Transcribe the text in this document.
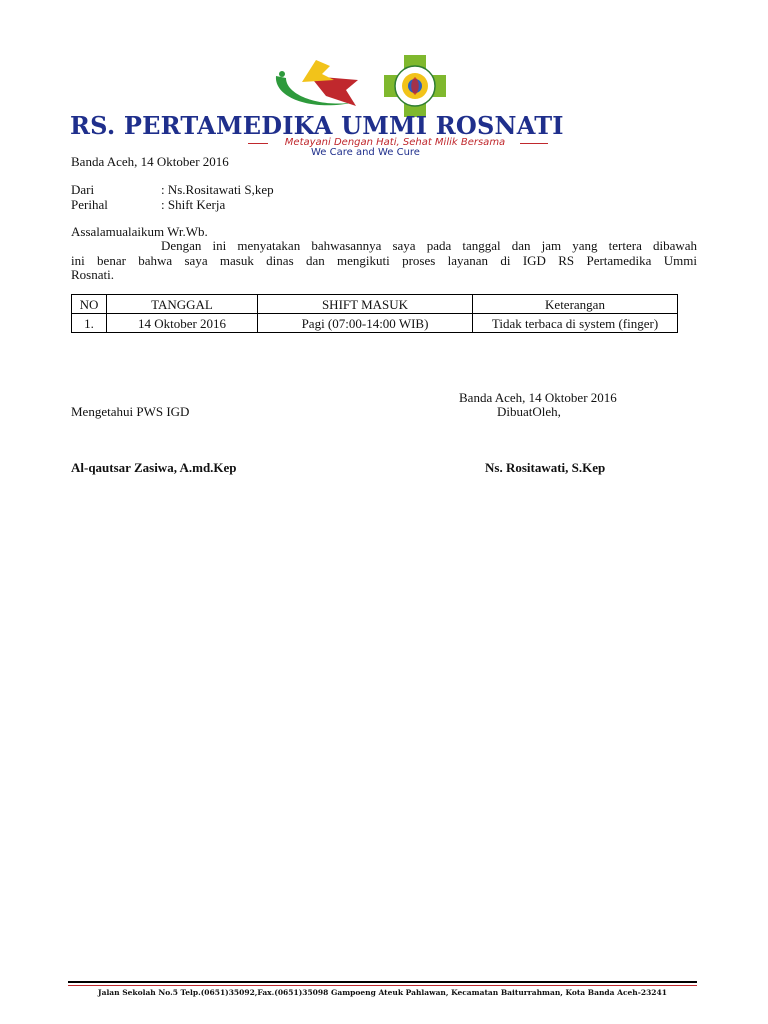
RS. PERTAMEDIKA UMMI ROSNATI
Metayani Dengan Hati, Sehat Milik Bersama
We Care and We Cure
Banda Aceh, 14 Oktober 2016
Dari	: Ns.Rositawati S,kep
Perihal	: Shift Kerja
Assalamualaikum Wr.Wb.
Dengan ini menyatakan bahwasannya saya pada tanggal dan jam yang tertera dibawah
ini benar bahwa saya masuk dinas dan mengikuti proses layanan di IGD RS Pertamedika Ummi
Rosnati.
NO	TANGGAL	SHIFT MASUK	Keterangan
1.	14 Oktober 2016	Pagi (07:00-14:00 WIB)	Tidak terbaca di system (finger)
Banda Aceh, 14 Oktober 2016
Mengetahui PWS IGD	DibuatOleh,
Al-qautsar Zasiwa, A.md.Kep	Ns. Rositawati, S.Kep
Jalan Sekolah No.5 Telp.(0651)35092,Fax.(0651)35098 Gampoeng Ateuk Pahlawan, Kecamatan Baiturrahman, Kota Banda Aceh-23241
